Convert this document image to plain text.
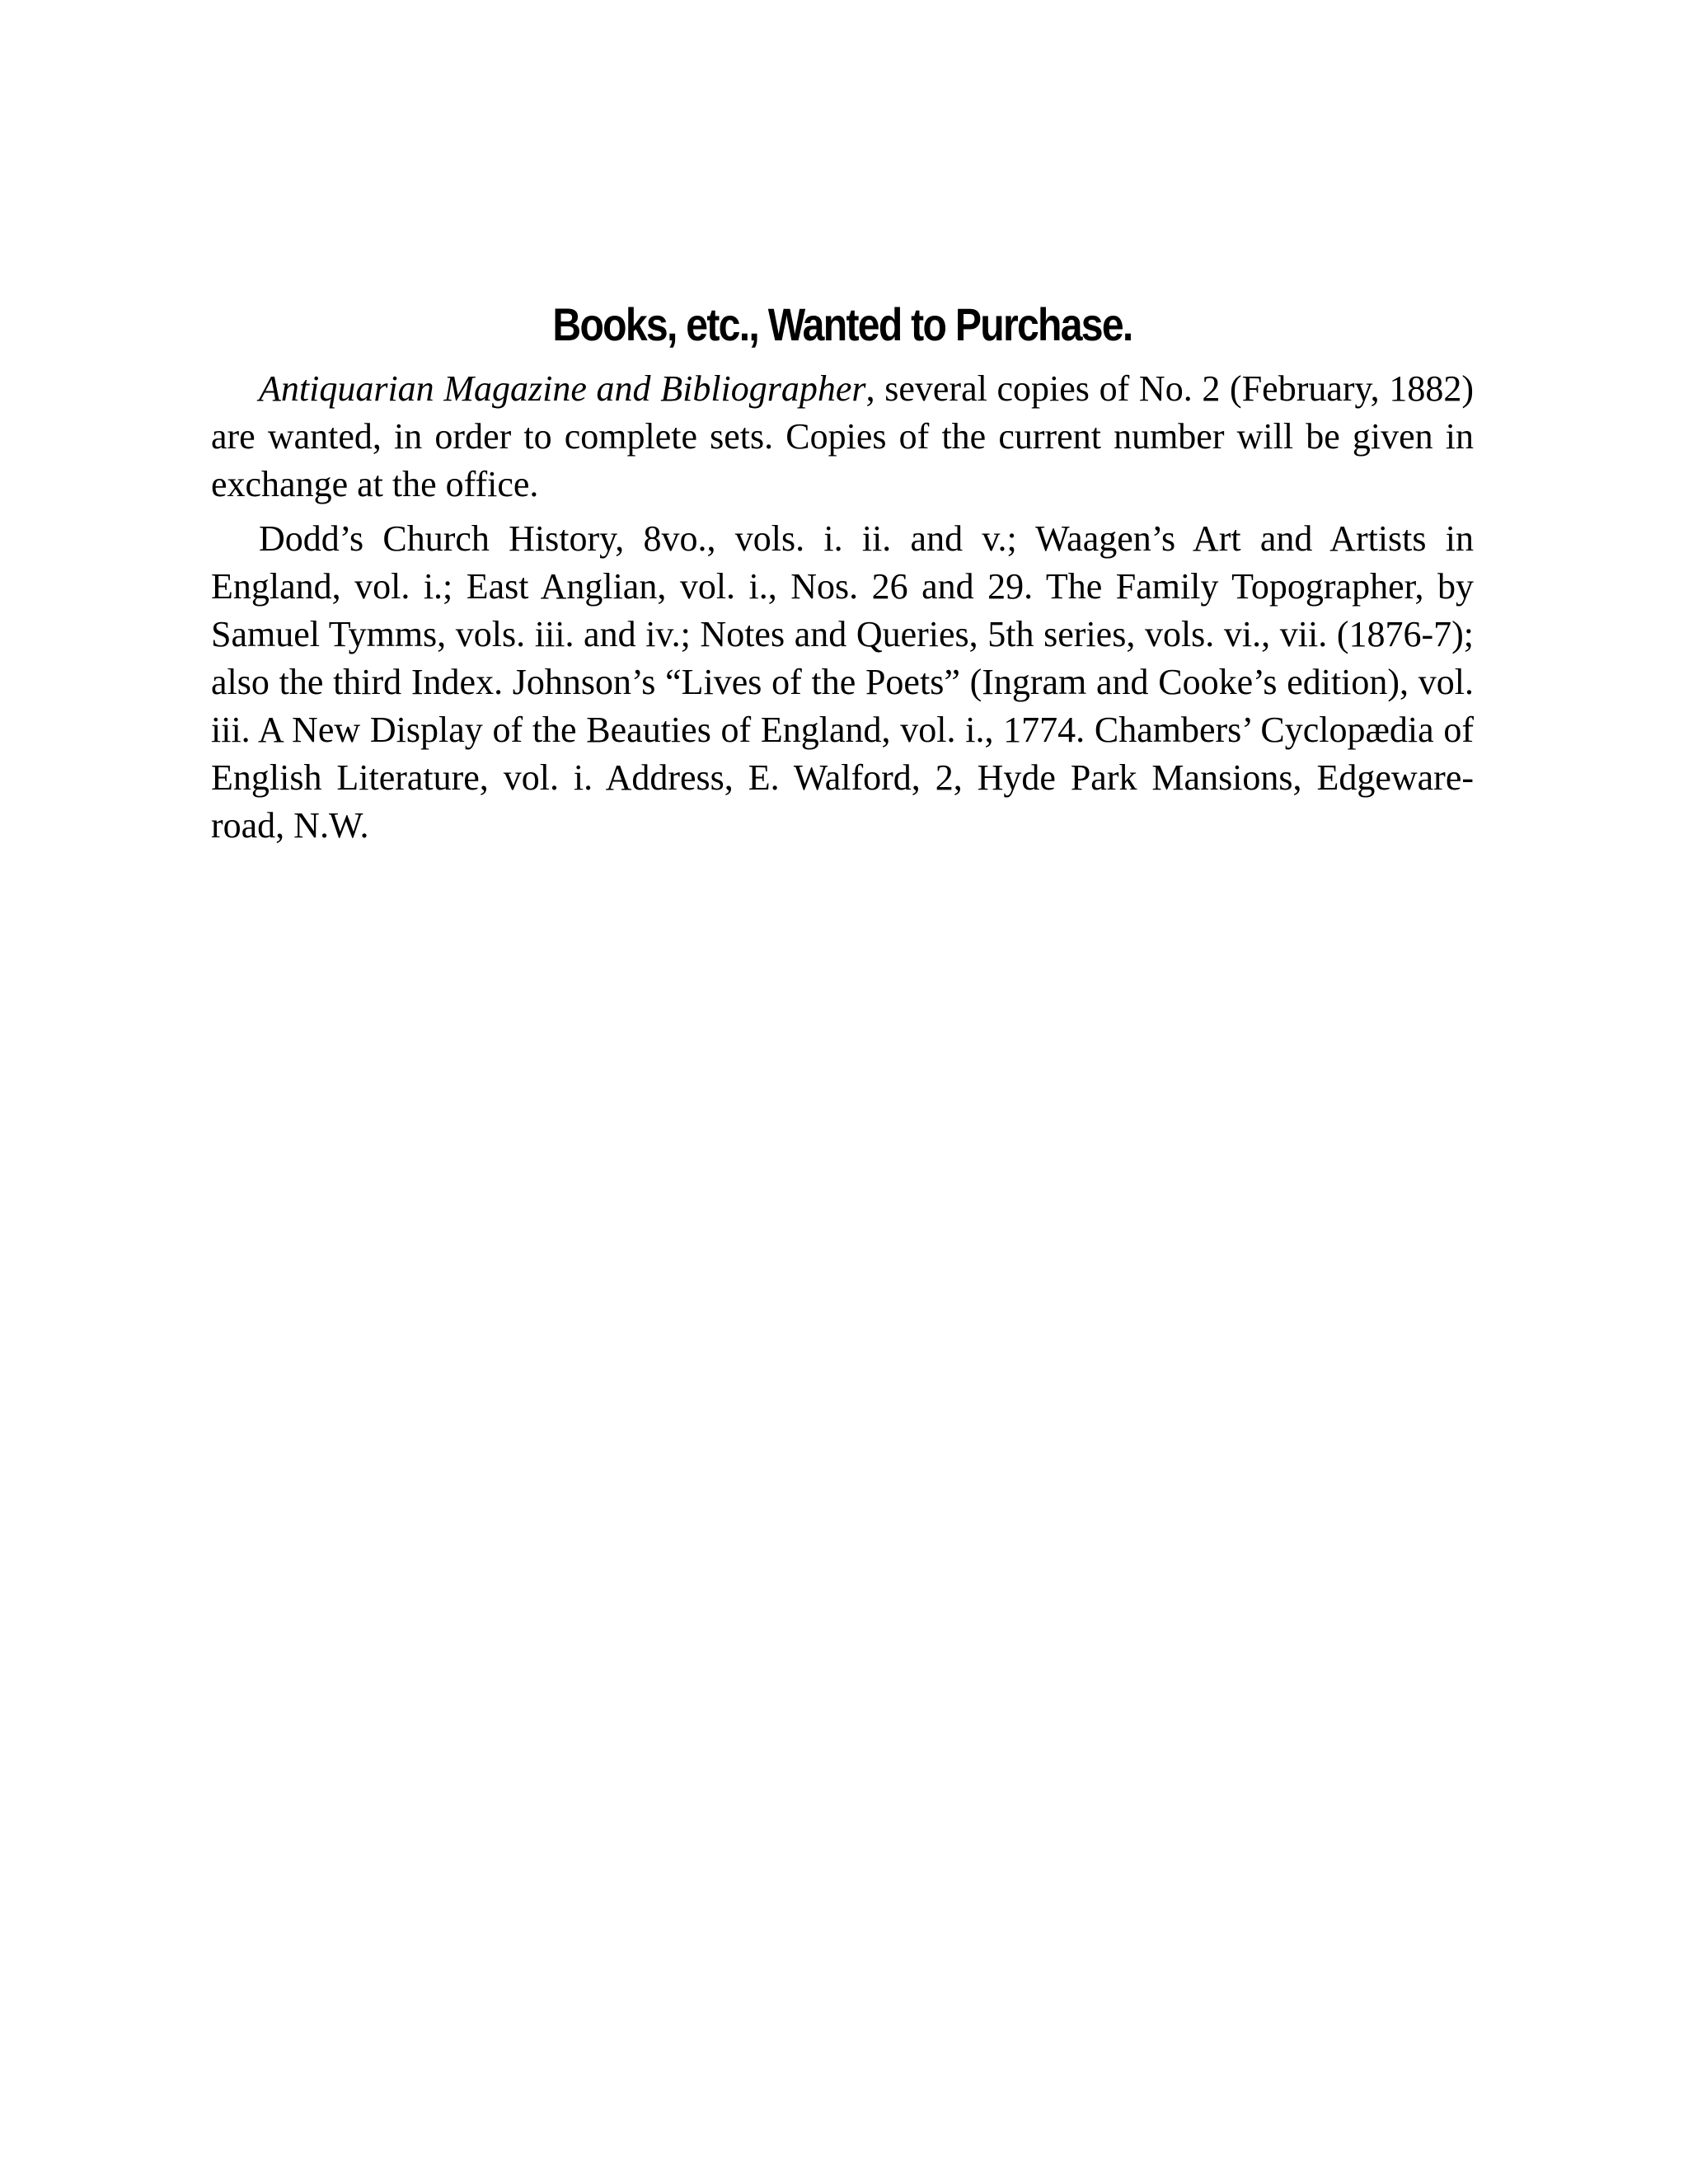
Books, etc., Wanted to Purchase.

Antiquarian Magazine and Bibliographer, several copies of No. 2 (February, 1882) are wanted, in order to complete sets. Copies of the current number will be given in exchange at the office.

Dodd’s Church History, 8vo., vols. i. ii. and v.; Waagen’s Art and Artists in England, vol. i.; East Anglian, vol. i., Nos. 26 and 29. The Family Topographer, by Samuel Tymms, vols. iii. and iv.; Notes and Queries, 5th series, vols. vi., vii. (1876-7); also the third Index. Johnson’s “Lives of the Poets” (Ingram and Cooke’s edition), vol. iii. A New Display of the Beauties of England, vol. i., 1774. Chambers’ Cyclopædia of English Literature, vol. i. Address, E. Walford, 2, Hyde Park Mansions, Edgeware-road, N.W.
